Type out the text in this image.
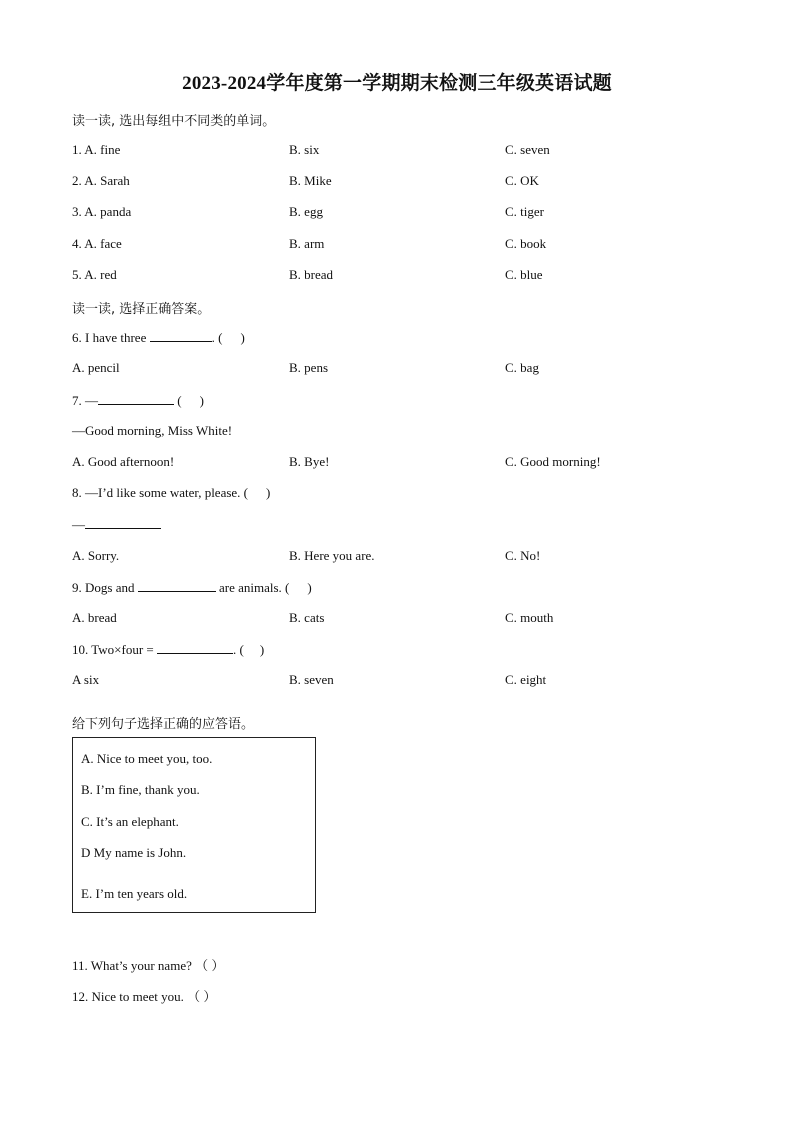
2023-2024学年度第一学期期末检测三年级英语试题
读一读, 选出每组中不同类的单词。
1. A. fine	B. six	C. seven
2. A. Sarah	B. Mike	C. OK
3. A. panda	B. egg	C. tiger
4. A. face	B. arm	C. book
5. A. red	B. bread	C. blue
读一读, 选择正确答案。
6. I have three	. ( )
A. pencil	B. pens	C. bag
7. —	( )
—Good morning, Miss White!
A. Good afternoon!	B. Bye!	C. Good morning!
8. —I’d like some water, please. ( )
—
A. Sorry.	B. Here you are.	C. No!
9. Dogs and	are animals. ( )
A. bread	B. cats	C. mouth
10. Two×four =	. ( )
A six	B. seven	C. eight
给下列句子选择正确的应答语。
A. Nice to meet you, too.
B. I’m fine, thank you.
C. It’s an elephant.
D My name is John.
E. I’m ten years old.
11. What’s your name? （ ）
12. Nice to meet you. （ ）
